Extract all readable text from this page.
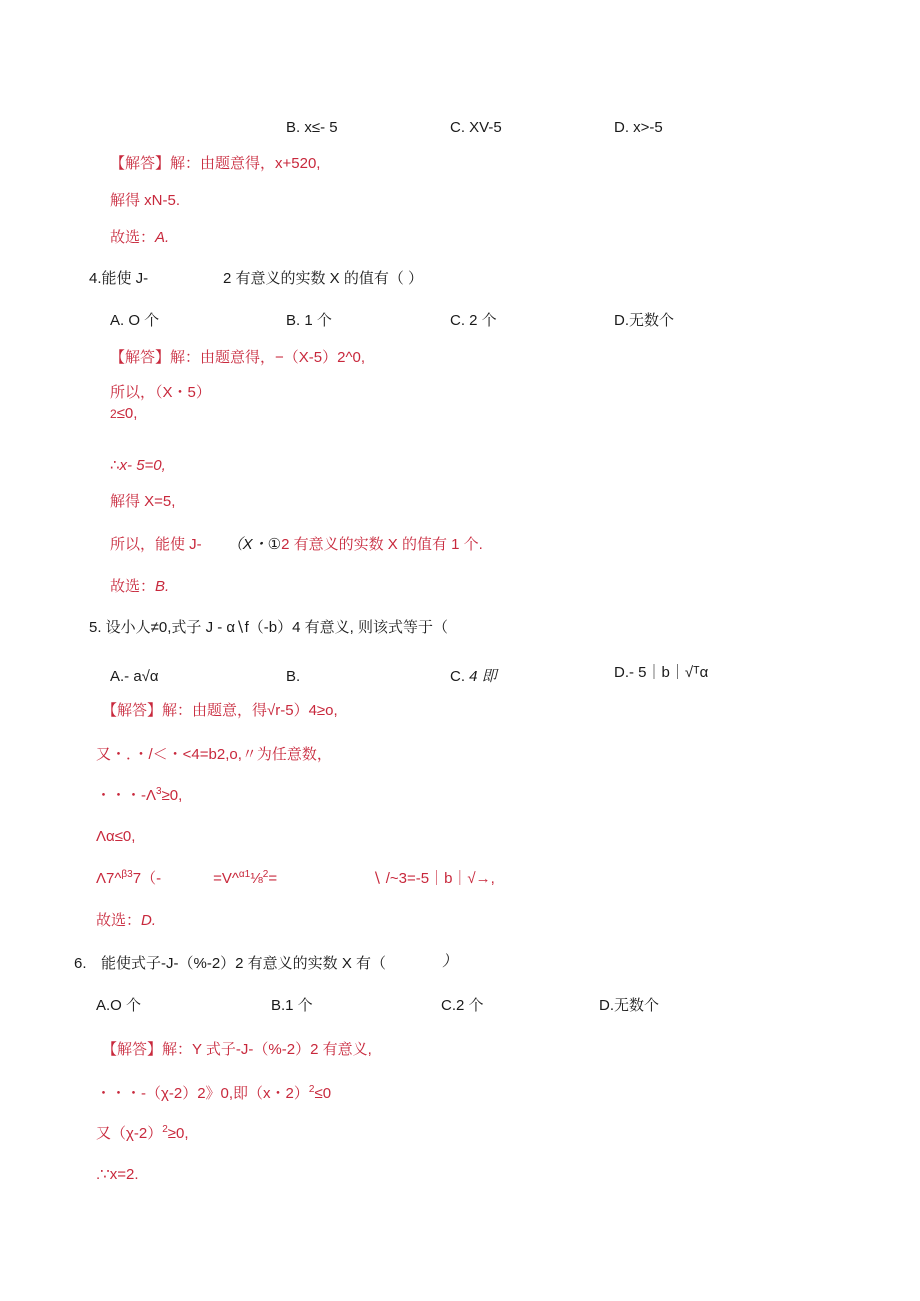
B. x≤- 5	C. XV-5	D. x>-5
【解答】解：由题意得，x+520,
解得 xN-5.
故选：A.
4.能使 J-	2 有意义的实数 X 的值有（ ）
A. O 个	B. 1 个	C. 2 个	D.无数个
【解答】解：由题意得，−（X-5）2^0,
所以，（X・5）
2≤0,
∴x- 5=0,
解得 X=5,
所以，能使 J- （X・①2 有意义的实数 X 的值有 1 个.
故选：B.
5. 设小人≠0,式子 J - α∖f（-b）4 有意义, 则该式等于（
A.- a√α	B.	C. 4 即	D.- 5｜b｜√ᵀα
【解答】解：由题意，得√r-5）4≥o,
又・．・/＜・<4=b2,o,〃为任意数，
・・・$-\Lambda^3\ge 0$,
Λα≤0,
Λ7^$^{\beta 3}$7（-	=V^$^{\alpha 1}$⅛$^2$=	∖ /~3=-5｜b｜√→,
故选：D.
6. 能使式子-J-（%-2）2 有意义的实数 X 有（	）
A.O 个	B.1 个	C.2 个	D.无数个
【解答】解：Y 式子-J-（%-2）2 有意义,
・・・-（χ-2）2》0,即（x・2）$^2$≤0
又$(\chi-2)^2\ge 0$,
.∵x=2.
